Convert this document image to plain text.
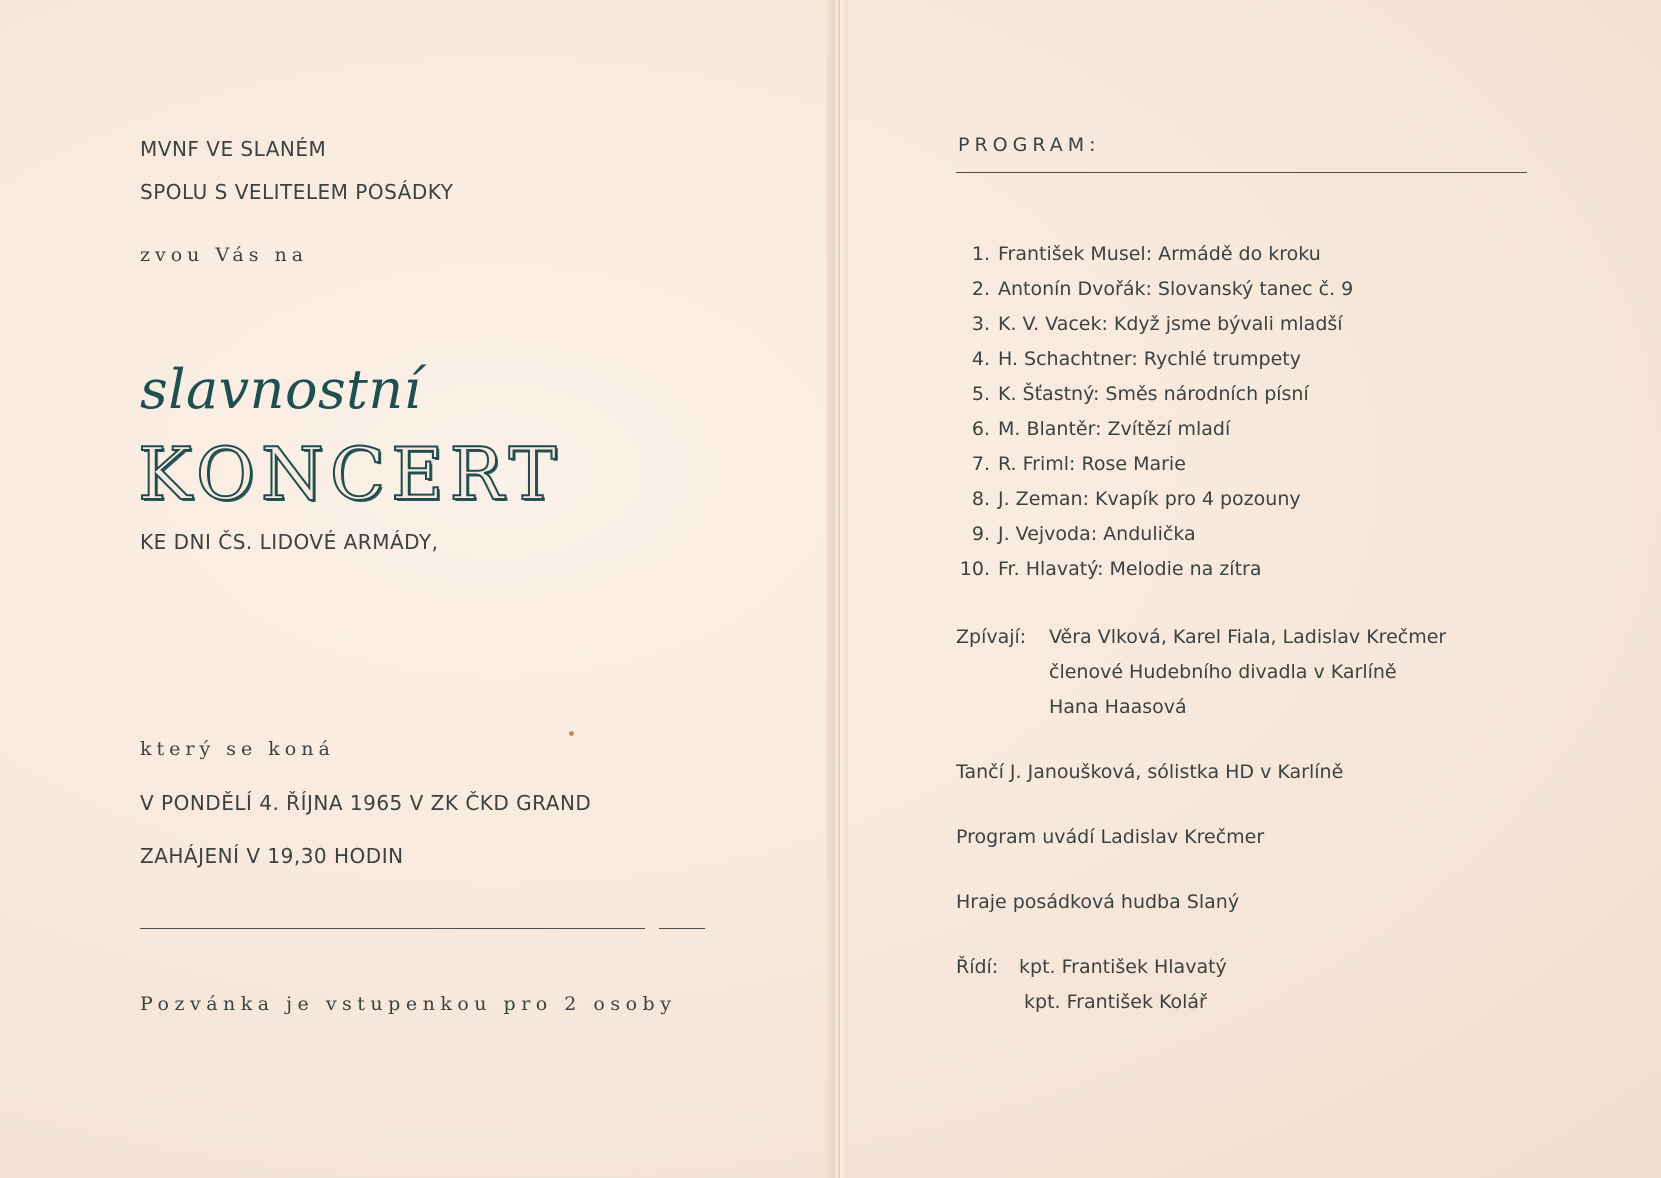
MVNF VE SLANÉM
SPOLU S VELITELEM POSÁDKY
zvou Vás na
slavnostní
KONCERT
KE DNI ČS. LIDOVÉ ARMÁDY,
který se koná
V PONDĚLÍ 4. ŘÍJNA 1965 V ZK ČKD GRAND
ZAHÁJENÍ V 19,30 HODIN
Pozvánka je vstupenkou pro 2 osoby
PROGRAM:
1. František Musel: Armádě do kroku
2. Antonín Dvořák: Slovanský tanec č. 9
3. K. V. Vacek: Když jsme bývali mladší
4. H. Schachtner: Rychlé trumpety
5. K. Šťastný: Směs národních písní
6. M. Blantěr: Zvítězí mladí
7. R. Friml: Rose Marie
8. J. Zeman: Kvapík pro 4 pozouny
9. J. Vejvoda: Andulička
10. Fr. Hlavatý: Melodie na zítra
Zpívají: Věra Vlková, Karel Fiala, Ladislav Krečmer
členové Hudebního divadla v Karlíně
Hana Haasová
Tančí J. Janoušková, sólistka HD v Karlíně
Program uvádí Ladislav Krečmer
Hraje posádková hudba Slaný
Řídí: kpt. František Hlavatý
kpt. František Kolář
